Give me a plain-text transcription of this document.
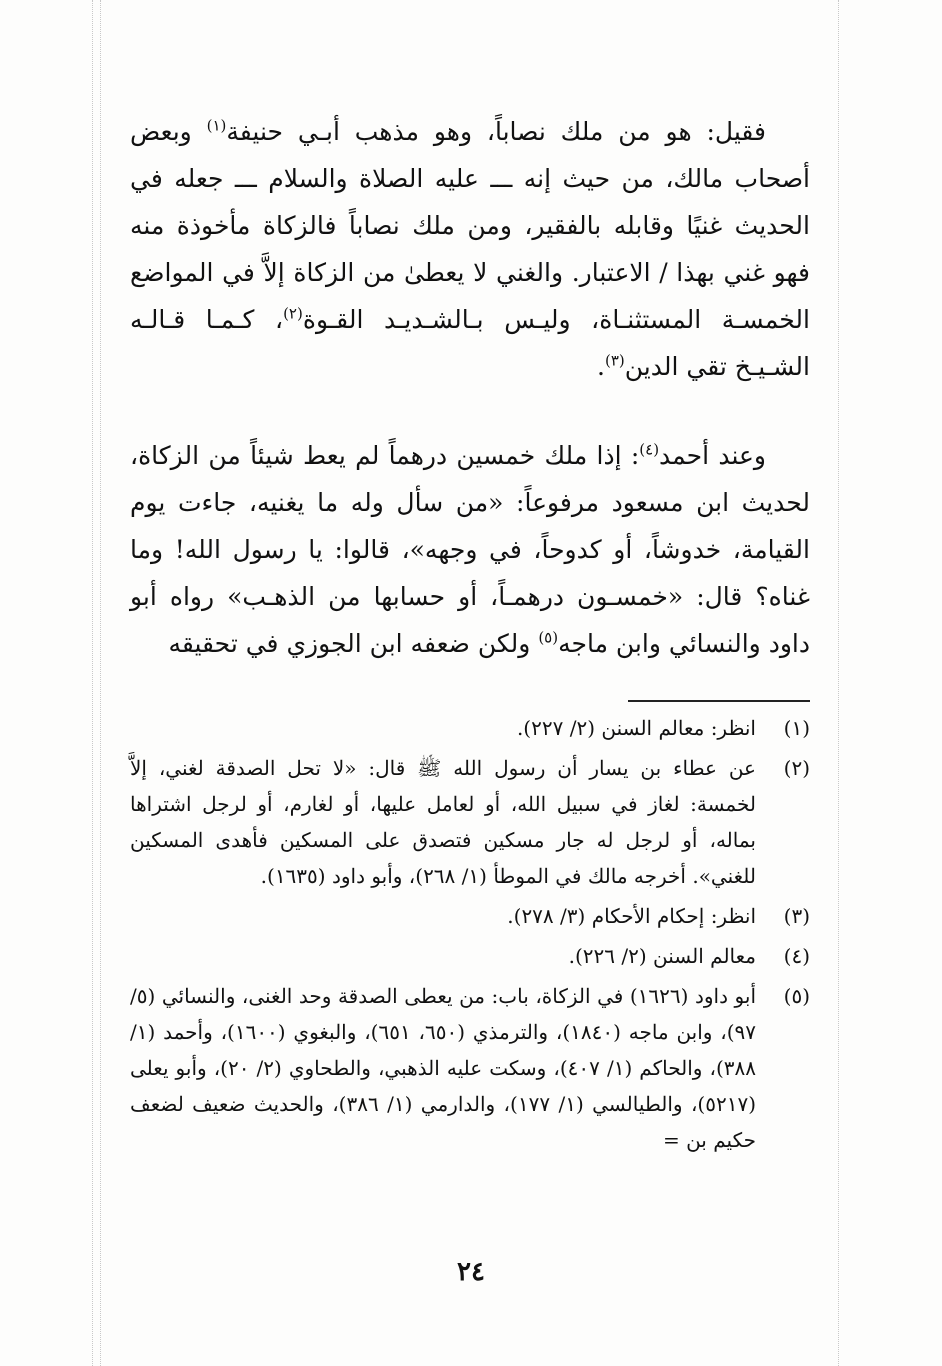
فقيل: هو من ملك نصاباً، وهو مذهب أبـي حنيفة$^{(١)}$ وبعض أصحاب مالك، من حيث إنه ـــ عليه الصلاة والسلام ـــ جعله في الحديث غنيًا وقابله بالفقير، ومن ملك نصاباً فالزكاة مأخوذة منه فهو غني بهذا / الاعتبار. والغني لا يعطىٰ من الزكاة إلاَّ في المواضع الخمسـة المستثنـاة، وليـس بـالشـديـد القـوة$^{(٢)}$، كـمـا قـالـه الشـيـخ تقي الدين$^{(٣)}$.

وعند أحمد$^{(٤)}$: إذا ملك خمسين درهماً لم يعط شيئاً من الزكاة، لحديث ابن مسعود مرفوعاً: «من سأل وله ما يغنيه، جاءت يوم القيامة، خدوشاً، أو كدوحاً، في وجهه»، قالوا: يا رسول الله! وما غناه؟ قال: «خمسـون درهمـاً، أو حسابها من الذهـب» رواه أبو داود والنسائي وابن ماجه$^{(٥)}$ ولكن ضعفه ابن الجوزي في تحقيقه

(١)
انظر: معالم السنن (٢/ ٢٢٧).
(٢)
عن عطاء بن يسار أن رسول الله ﷺ قال: «لا تحل الصدقة لغني، إلاَّ لخمسة: لغاز في سبيل الله، أو لعامل عليها، أو لغارم، أو لرجل اشتراها بماله، أو لرجل له جار مسكين فتصدق على المسكين فأهدى المسكين للغني». أخرجه مالك في الموطأ (١/ ٢٦٨)، وأبو داود (١٦٣٥).
(٣)
انظر: إحكام الأحكام (٣/ ٢٧٨).
(٤)
معالم السنن (٢/ ٢٢٦).
(٥)
أبو داود (١٦٢٦) في الزكاة، باب: من يعطى الصدقة وحد الغنى، والنسائي (٥/ ٩٧)، وابن ماجه (١٨٤٠)، والترمذي (٦٥٠، ٦٥١)، والبغوي (١٦٠٠)، وأحمد (١/ ٣٨٨)، والحاكم (١/ ٤٠٧)، وسكت عليه الذهبي، والطحاوي (٢/ ٢٠)، وأبو يعلى (٥٢١٧)، والطيالسي (١/ ١٧٧)، والدارمي (١/ ٣٨٦)، والحديث ضعيف لضعف حكيم بن =
٢٤
